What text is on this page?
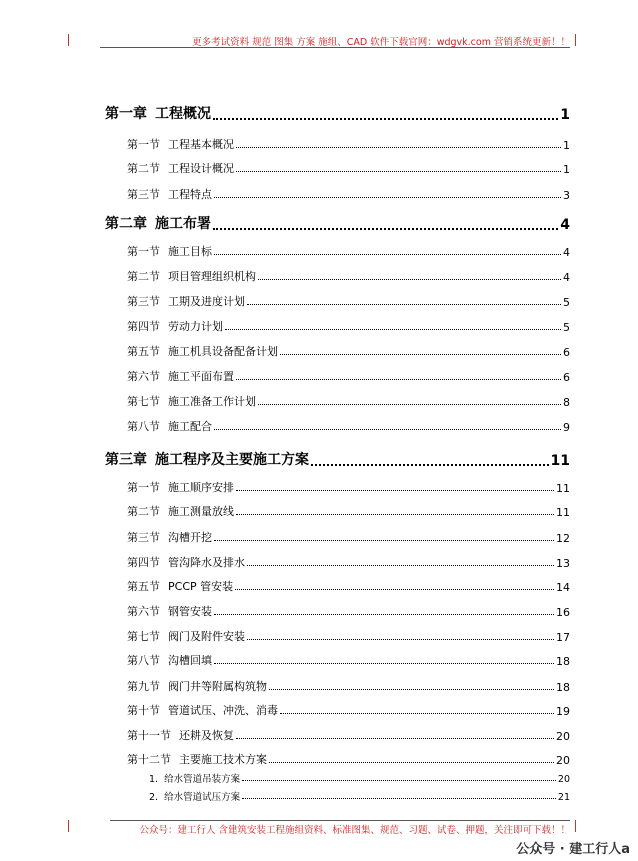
更多考试资料 规范 图集 方案 施组、CAD 软件下载官网：wdgvk.com 营销系统更新！！
公众号：建工行人 含建筑安装工程施组资料、标准图集、规范、习题、试卷、押题，关注即可下载！！
公众号 · 建工行人a
第一章 工程概况	1
第一节 工程基本概况	1
第二节 工程设计概况	1
第三节 工程特点	3
第二章 施工布署	4
第一节 施工目标	4
第二节 项目管理组织机构	4
第三节 工期及进度计划	5
第四节 劳动力计划	5
第五节 施工机具设备配备计划	6
第六节 施工平面布置	6
第七节 施工准备工作计划	8
第八节 施工配合	9
第三章 施工程序及主要施工方案	11
第一节 施工顺序安排	11
第二节 施工测量放线	11
第三节 沟槽开挖	12
第四节 管沟降水及排水	13
第五节 PCCP 管安装	14
第六节 钢管安装	16
第七节 阀门及附件安装	17
第八节 沟槽回填	18
第九节 阀门井等附属构筑物	18
第十节 管道试压、冲洗、消毒	19
第十一节 还耕及恢复	20
第十二节 主要施工技术方案	20
1. 给水管道吊装方案	20
2. 给水管道试压方案	21
